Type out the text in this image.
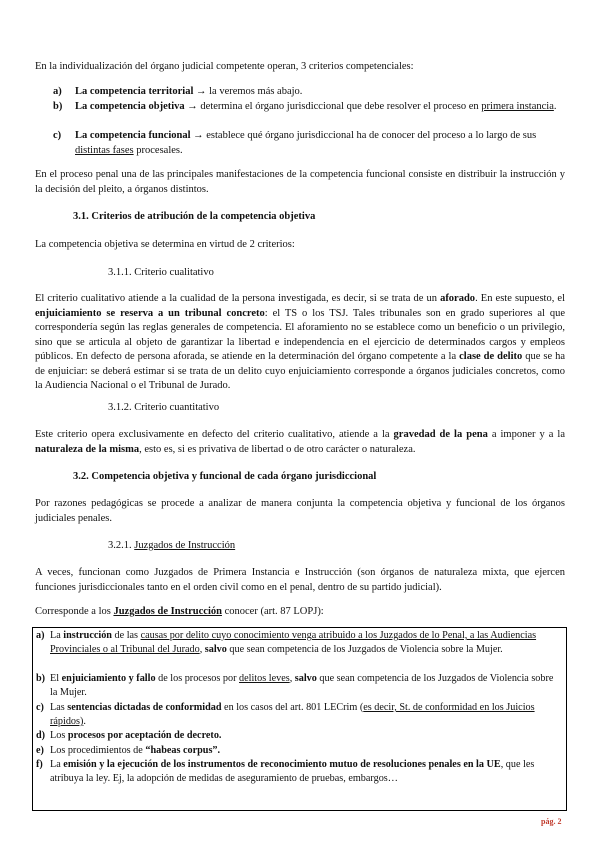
En la individualización del órgano judicial competente operan, 3 criterios competenciales:

a)	La competencia territorial → la veremos más abajo.
b)	La competencia objetiva → determina el órgano jurisdiccional que debe resolver el proceso en primera instancia.
c)	La competencia funcional → establece qué órgano jurisdiccional ha de conocer del proceso a lo largo de sus distintas fases procesales.

En el proceso penal una de las principales manifestaciones de la competencia funcional consiste en distribuir la instrucción y la decisión del pleito, a órganos distintos.

3.1. Criterios de atribución de la competencia objetiva

La competencia objetiva se determina en virtud de 2 criterios:

3.1.1. Criterio cualitativo

El criterio cualitativo atiende a la cualidad de la persona investigada, es decir, si se trata de un aforado. En este supuesto, el enjuiciamiento se reserva a un tribunal concreto: el TS o los TSJ. Tales tribunales son en grado superiores al que correspondería según las reglas generales de competencia. El aforamiento no se establece como un beneficio o un privilegio, sino que se articula al objeto de garantizar la libertad e independencia en el ejercicio de determinados cargos y empleos públicos. En defecto de persona aforada, se atiende en la determinación del órgano competente a la clase de delito que se ha de enjuiciar: se deberá estimar si se trata de un delito cuyo enjuiciamiento corresponde a órganos judiciales concretos, como la Audiencia Nacional o el Tribunal de Jurado.

3.1.2. Criterio cuantitativo

Este criterio opera exclusivamente en defecto del criterio cualitativo, atiende a la gravedad de la pena a imponer y a la naturaleza de la misma, esto es, si es privativa de libertad o de otro carácter o naturaleza.

3.2. Competencia objetiva y funcional de cada órgano jurisdiccional

Por razones pedagógicas se procede a analizar de manera conjunta la competencia objetiva y funcional de los órganos judiciales penales.

3.2.1. Juzgados de Instrucción

A veces, funcionan como Juzgados de Primera Instancia e Instrucción (son órganos de naturaleza mixta, que ejercen funciones jurisdiccionales tanto en el orden civil como en el penal, dentro de su partido judicial).

Corresponde a los Juzgados de Instrucción conocer (art. 87 LOPJ):

a) La instrucción de las causas por delito cuyo conocimiento venga atribuido a los Juzgados de lo Penal, a las Audiencias Provinciales o al Tribunal del Jurado, salvo que sean competencia de los Juzgados de Violencia sobre la Mujer.
b) El enjuiciamiento y fallo de los procesos por delitos leves, salvo que sean competencia de los Juzgados de Violencia sobre la Mujer.
c) Las sentencias dictadas de conformidad en los casos del art. 801 LECrim (es decir, St. de conformidad en los Juicios rápidos).
d) Los procesos por aceptación de decreto.
e) Los procedimientos de “habeas corpus”.
f) La emisión y la ejecución de los instrumentos de reconocimiento mutuo de resoluciones penales en la UE, que les atribuya la ley. Ej, la adopción de medidas de aseguramiento de pruebas, embargos…
pág. 2
